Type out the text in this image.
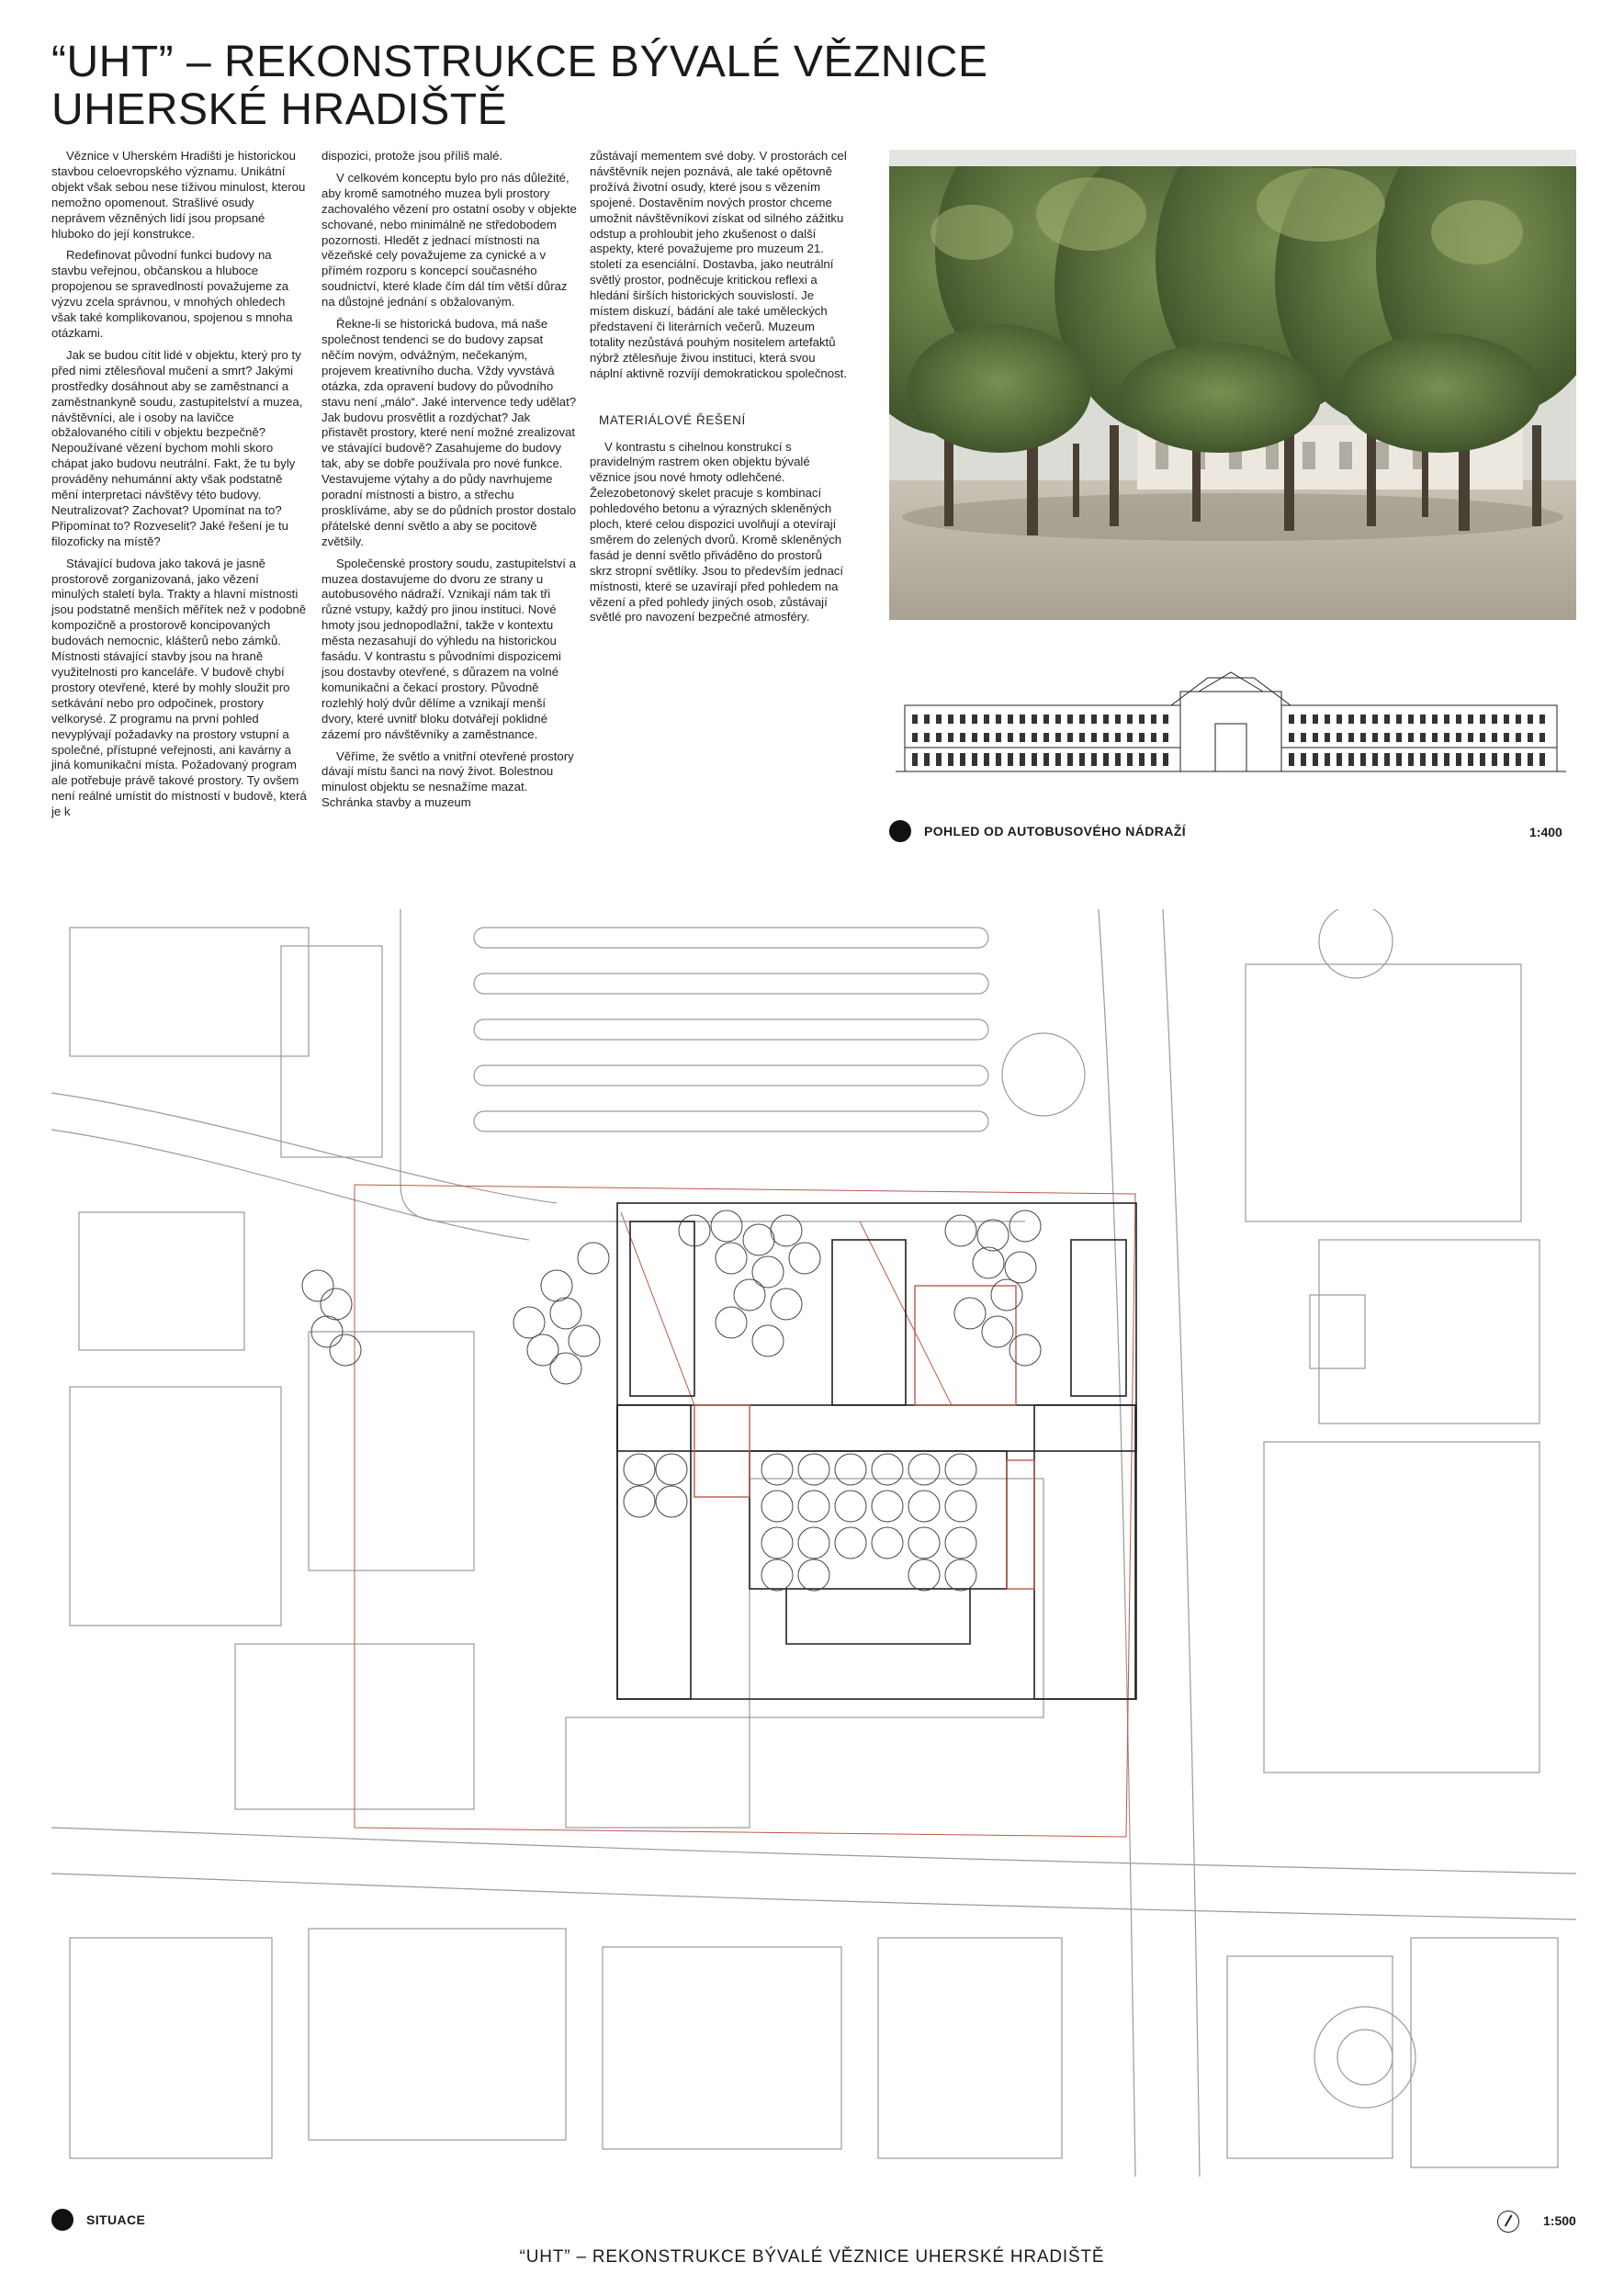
“UHT” – REKONSTRUKCE BÝVALÉ VĚZNICE
UHERSKÉ HRADIŠTĚ

Věznice v Uherském Hradišti je historickou stavbou celoevropského významu. Unikátní objekt však sebou nese tíživou minulost, kterou nemožno opomenout. Strašlivé osudy neprávem vězněných lidí jsou propsané hluboko do její konstrukce.

Redefinovat původní funkci budovy na stavbu veřejnou, občanskou a hluboce propojenou se spravedlností považujeme za výzvu zcela správnou, v mnohých ohledech však také komplikovanou, spojenou s mnoha otázkami.

Jak se budou cítit lidé v objektu, který pro ty před nimi ztělesňoval mučení a smrt? Jakými prostředky dosáhnout aby se zaměstnanci a zaměstnankyně soudu, zastupitelství a muzea, návštěvníci, ale i osoby na lavičce obžalovaného cítili v objektu bezpečně? Nepoužívané vězení bychom mohli skoro chápat jako budovu neutrální. Fakt, že tu byly prováděny nehumánní akty však podstatně mění interpretaci návštěvy této budovy. Neutralizovat? Zachovat? Upomínat na to? Připomínat to? Rozveselit? Jaké řešení je tu filozoficky na místě?

Stávající budova jako taková je jasně prostorově zorganizovaná, jako vězení minulých staletí byla. Trakty a hlavní místnosti jsou podstatně menších měřítek než v podobně kompozičně a prostorově koncipovaných budovách nemocnic, klášterů nebo zámků. Místnosti stávající stavby jsou na hraně využitelnosti pro kanceláře. V budově chybí prostory otevřené, které by mohly sloužit pro setkávání nebo pro odpočinek, prostory velkorysé. Z programu na první pohled nevyplývají požadavky na prostory vstupní a společné, přístupné veřejnosti, ani kavárny a jiná komunikační místa. Požadovaný program ale potřebuje právě takové prostory. Ty ovšem není reálné umístit do místností v budově, která je k

dispozici, protože jsou příliš malé.

V celkovém konceptu bylo pro nás důležité, aby kromě samotného muzea byli prostory zachovalého vězení pro ostatní osoby v objekte schované, nebo minimálně ne středobodem pozornosti. Hledět z jednací místnosti na vězeňské cely považujeme za cynické a v přímém rozporu s koncepcí současného soudnictví, které klade čím dál tím větší důraz na důstojné jednání s obžalovaným.

Řekne-li se historická budova, má naše společnost tendenci se do budovy zapsat něčím novým, odvážným, nečekaným, projevem kreativního ducha. Vždy vyvstává otázka, zda opravení budovy do původního stavu není „málo“. Jaké intervence tedy udělat? Jak budovu prosvětlit a rozdýchat? Jak přistavět prostory, které není možné zrealizovat ve stávající budově? Zasahujeme do budovy tak, aby se dobře používala pro nové funkce. Vestavujeme výtahy a do půdy navrhujeme poradní místnosti a bistro, a střechu prosklíváme, aby se do půdních prostor dostalo přátelské denní světlo a aby se pocitově zvětšily.

Společenské prostory soudu, zastupitelství a muzea dostavujeme do dvoru ze strany u autobusového nádraží. Vznikají nám tak tři různé vstupy, každý pro jinou instituci. Nové hmoty jsou jednopodlažní, takže v kontextu města nezasahují do výhledu na historickou fasádu. V kontrastu s původními dispozicemi jsou dostavby otevřené, s důrazem na volné komunikační a čekací prostory. Původně rozlehlý holý dvůr dělíme a vznikají menší dvory, které uvnitř bloku dotvářejí poklidné zázemí pro návštěvníky a zaměstnance.

Věříme, že světlo a vnitřní otevřené prostory dávají místu šanci na nový život. Bolestnou minulost objektu se nesnažíme mazat. Schránka stavby a muzeum

zůstávají mementem své doby. V prostorách cel návštěvník nejen poznává, ale také opětovně prožívá životní osudy, které jsou s vězením spojené. Dostavěním nových prostor chceme umožnit návštěvníkovi získat od silného zážitku odstup a prohloubit jeho zkušenost o další aspekty, které považujeme pro muzeum 21. století za esenciální. Dostavba, jako neutrální světlý prostor, podněcuje kritickou reflexi a hledání širších historických souvislostí. Je místem diskuzí, bádání ale také uměleckých představení či literárních večerů. Muzeum totality nezůstává pouhým nositelem artefaktů nýbrž ztělesňuje živou instituci, která svou náplní aktivně rozvíjí demokratickou společnost.

MATERIÁLOVÉ ŘEŠENÍ

V kontrastu s cihelnou konstrukcí s pravidelným rastrem oken objektu bývalé věznice jsou nové hmoty odlehčené. Železobetonový skelet pracuje s kombinací pohledového betonu a výrazných skleněných ploch, které celou dispozici uvolňují a otevírají směrem do zelených dvorů. Kromě skleněných fasád je denní světlo přiváděno do prostorů skrz stropní světlíky. Jsou to především jednací místnosti, které se uzavírají před pohledem na vězení a před pohledy jiných osob, zůstávají světlé pro navození bezpečné atmosféry.

POHLED OD AUTOBUSOVÉHO NÁDRAŽÍ	1:400
SITUACE	1:500
“UHT” – REKONSTRUKCE BÝVALÉ VĚZNICE UHERSKÉ HRADIŠTĚ
